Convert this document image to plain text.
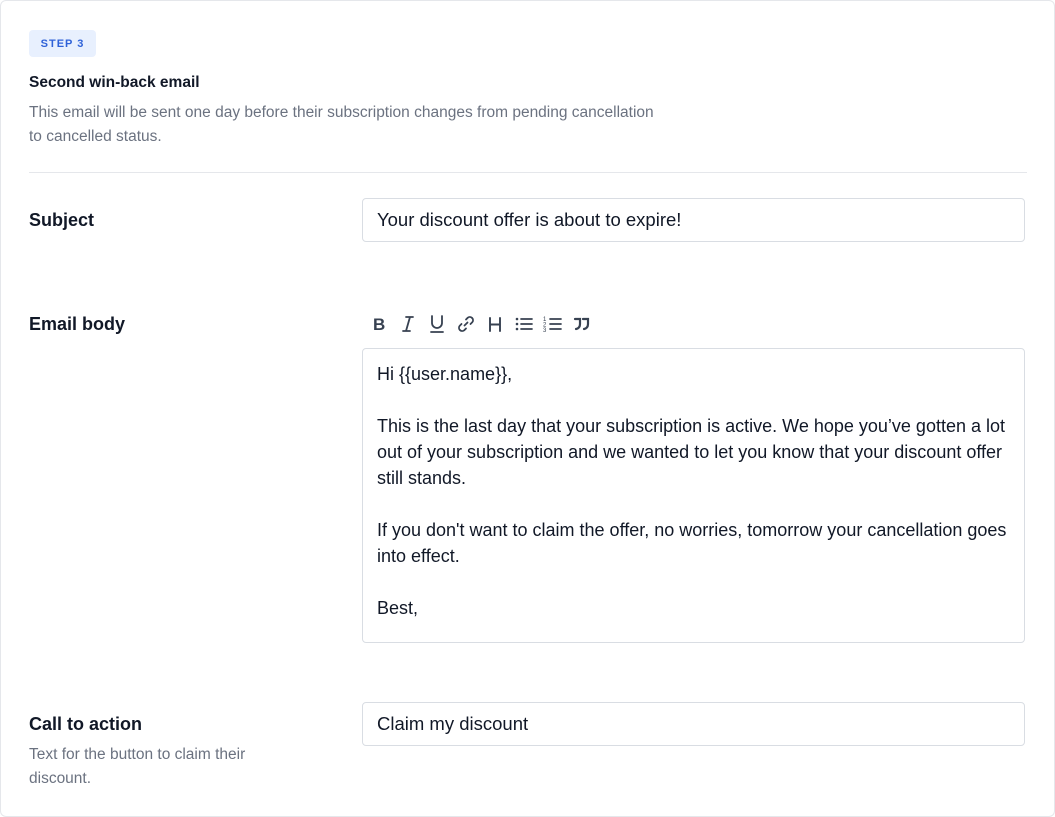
STEP 3
Second win-back email
This email will be sent one day before their subscription changes from pending cancellation to cancelled status.
Subject
Your discount offer is about to expire!
Email body	B	1
2
3

Hi {{user.name}},

This is the last day that your subscription is active. We hope you’ve gotten a lot out of your subscription and we wanted to let you know that your discount offer still stands.

If you don't want to claim the offer, no worries, tomorrow your cancellation goes into effect.

Best,

Call to action
Text for the button to claim their discount.
Claim my discount
